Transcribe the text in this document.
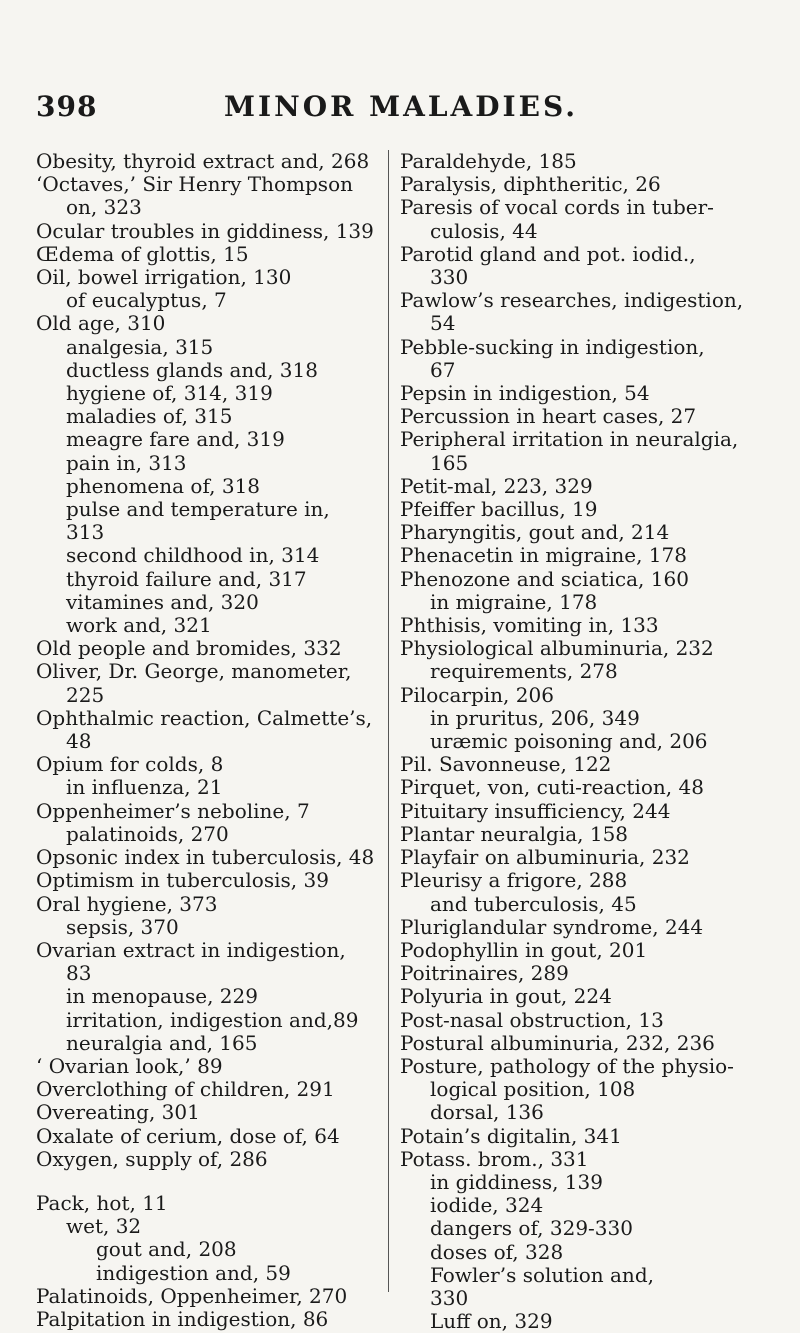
398	MINOR MALADIES.
Obesity, thyroid extract and, 268
‘Octaves,’ Sir Henry Thompson
on, 323
Ocular troubles in giddiness, 139
Œdema of glottis, 15
Oil, bowel irrigation, 130
of eucalyptus, 7
Old age, 310
analgesia, 315
ductless glands and, 318
hygiene of, 314, 319
maladies of, 315
meagre fare and, 319
pain in, 313
phenomena of, 318
pulse and temperature in,
313
second childhood in, 314
thyroid failure and, 317
vitamines and, 320
work and, 321
Old people and bromides, 332
Oliver, Dr. George, manometer,
225
Ophthalmic reaction, Calmette’s,
48
Opium for colds, 8
in influenza, 21
Oppenheimer’s neboline, 7
palatinoids, 270
Opsonic index in tuberculosis, 48
Optimism in tuberculosis, 39
Oral hygiene, 373
sepsis, 370
Ovarian extract in indigestion,
83
in menopause, 229
irritation, indigestion and,89
neuralgia and, 165
‘ Ovarian look,’ 89
Overclothing of children, 291
Overeating, 301
Oxalate of cerium, dose of, 64
Oxygen, supply of, 286
Pack, hot, 11
wet, 32
gout and, 208
indigestion and, 59
Palatinoids, Oppenheimer, 270
Palpitation in indigestion, 86
Paraldehyde, 185
Paralysis, diphtheritic, 26
Paresis of vocal cords in tuber-
culosis, 44
Parotid gland and pot. iodid.,
330
Pawlow’s researches, indigestion,
54
Pebble-sucking in indigestion,
67
Pepsin in indigestion, 54
Percussion in heart cases, 27
Peripheral irritation in neuralgia,
165
Petit-mal, 223, 329
Pfeiffer bacillus, 19
Pharyngitis, gout and, 214
Phenacetin in migraine, 178
Phenozone and sciatica, 160
in migraine, 178
Phthisis, vomiting in, 133
Physiological albuminuria, 232
requirements, 278
Pilocarpin, 206
in pruritus, 206, 349
uræmic poisoning and, 206
Pil. Savonneuse, 122
Pirquet, von, cuti-reaction, 48
Pituitary insufficiency, 244
Plantar neuralgia, 158
Playfair on albuminuria, 232
Pleurisy a frigore, 288
and tuberculosis, 45
Pluriglandular syndrome, 244
Podophyllin in gout, 201
Poitrinaires, 289
Polyuria in gout, 224
Post-nasal obstruction, 13
Postural albuminuria, 232, 236
Posture, pathology of the physio-
logical position, 108
dorsal, 136
Potain’s digitalin, 341
Potass. brom., 331
in giddiness, 139
iodide, 324
dangers of, 329-330
doses of, 328
Fowler’s solution and,
330
Luff on, 329
